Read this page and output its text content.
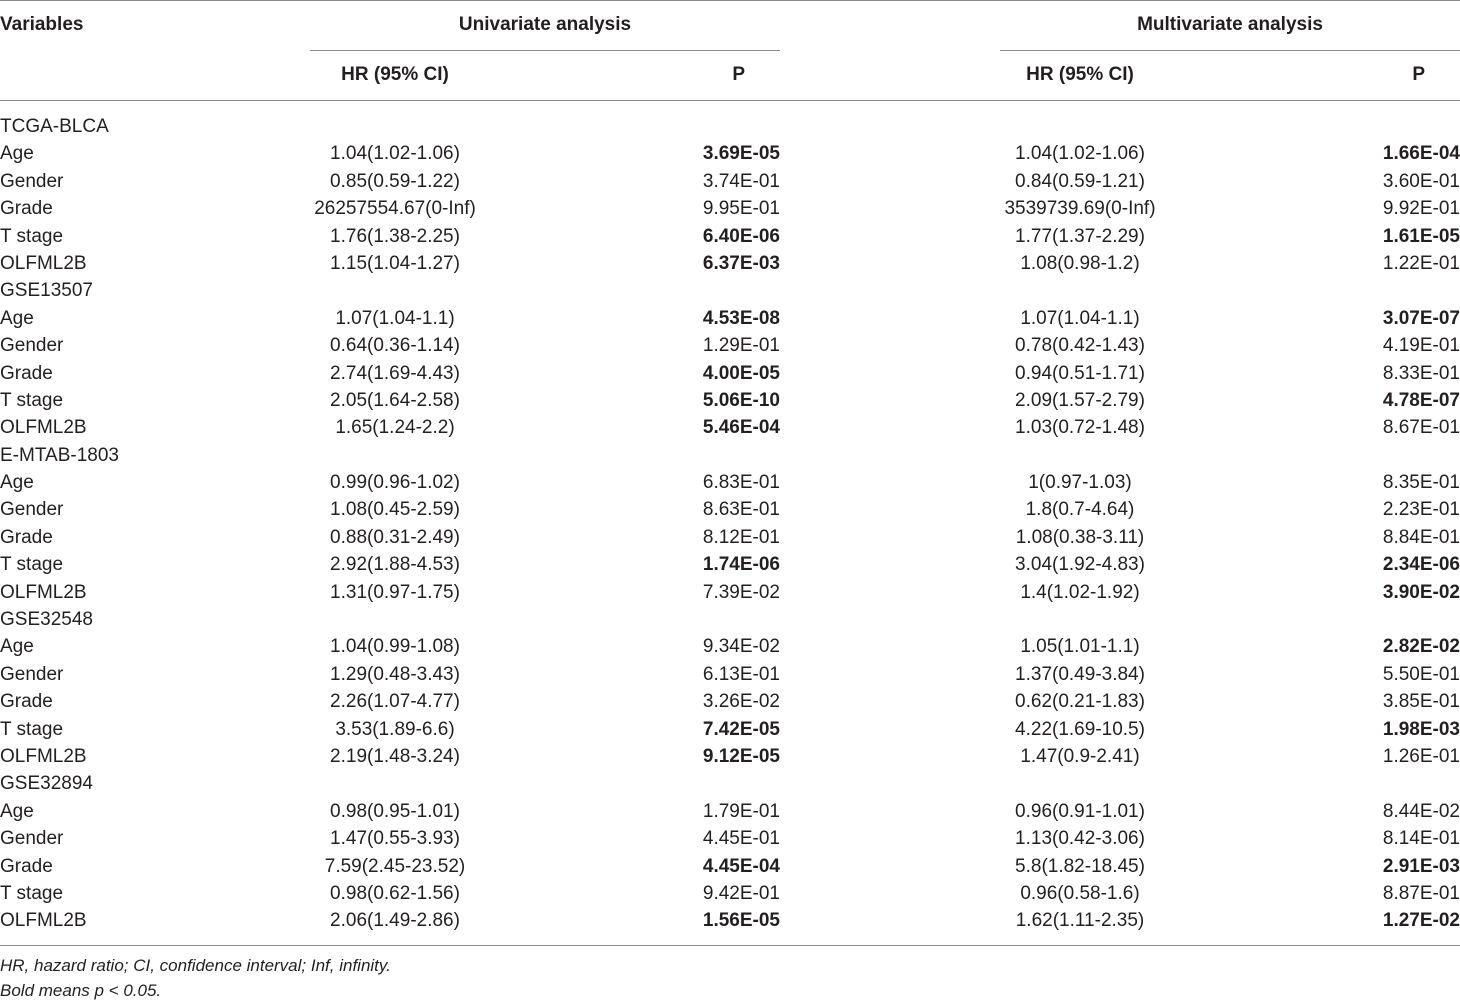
Variables	Univariate analysis	Multivariate analysis
HR (95% CI)	P	HR (95% CI)	P
TCGA-BLCA
Age	1.04(1.02-1.06)	3.69E-05	1.04(1.02-1.06)	1.66E-04
Gender	0.85(0.59-1.22)	3.74E-01	0.84(0.59-1.21)	3.60E-01
Grade	26257554.67(0-Inf)	9.95E-01	3539739.69(0-Inf)	9.92E-01
T stage	1.76(1.38-2.25)	6.40E-06	1.77(1.37-2.29)	1.61E-05
OLFML2B	1.15(1.04-1.27)	6.37E-03	1.08(0.98-1.2)	1.22E-01
GSE13507
Age	1.07(1.04-1.1)	4.53E-08	1.07(1.04-1.1)	3.07E-07
Gender	0.64(0.36-1.14)	1.29E-01	0.78(0.42-1.43)	4.19E-01
Grade	2.74(1.69-4.43)	4.00E-05	0.94(0.51-1.71)	8.33E-01
T stage	2.05(1.64-2.58)	5.06E-10	2.09(1.57-2.79)	4.78E-07
OLFML2B	1.65(1.24-2.2)	5.46E-04	1.03(0.72-1.48)	8.67E-01
E-MTAB-1803
Age	0.99(0.96-1.02)	6.83E-01	1(0.97-1.03)	8.35E-01
Gender	1.08(0.45-2.59)	8.63E-01	1.8(0.7-4.64)	2.23E-01
Grade	0.88(0.31-2.49)	8.12E-01	1.08(0.38-3.11)	8.84E-01
T stage	2.92(1.88-4.53)	1.74E-06	3.04(1.92-4.83)	2.34E-06
OLFML2B	1.31(0.97-1.75)	7.39E-02	1.4(1.02-1.92)	3.90E-02
GSE32548
Age	1.04(0.99-1.08)	9.34E-02	1.05(1.01-1.1)	2.82E-02
Gender	1.29(0.48-3.43)	6.13E-01	1.37(0.49-3.84)	5.50E-01
Grade	2.26(1.07-4.77)	3.26E-02	0.62(0.21-1.83)	3.85E-01
T stage	3.53(1.89-6.6)	7.42E-05	4.22(1.69-10.5)	1.98E-03
OLFML2B	2.19(1.48-3.24)	9.12E-05	1.47(0.9-2.41)	1.26E-01
GSE32894
Age	0.98(0.95-1.01)	1.79E-01	0.96(0.91-1.01)	8.44E-02
Gender	1.47(0.55-3.93)	4.45E-01	1.13(0.42-3.06)	8.14E-01
Grade	7.59(2.45-23.52)	4.45E-04	5.8(1.82-18.45)	2.91E-03
T stage	0.98(0.62-1.56)	9.42E-01	0.96(0.58-1.6)	8.87E-01
OLFML2B	2.06(1.49-2.86)	1.56E-05	1.62(1.11-2.35)	1.27E-02
HR, hazard ratio; CI, confidence interval; Inf, infinity.
Bold means p < 0.05.
